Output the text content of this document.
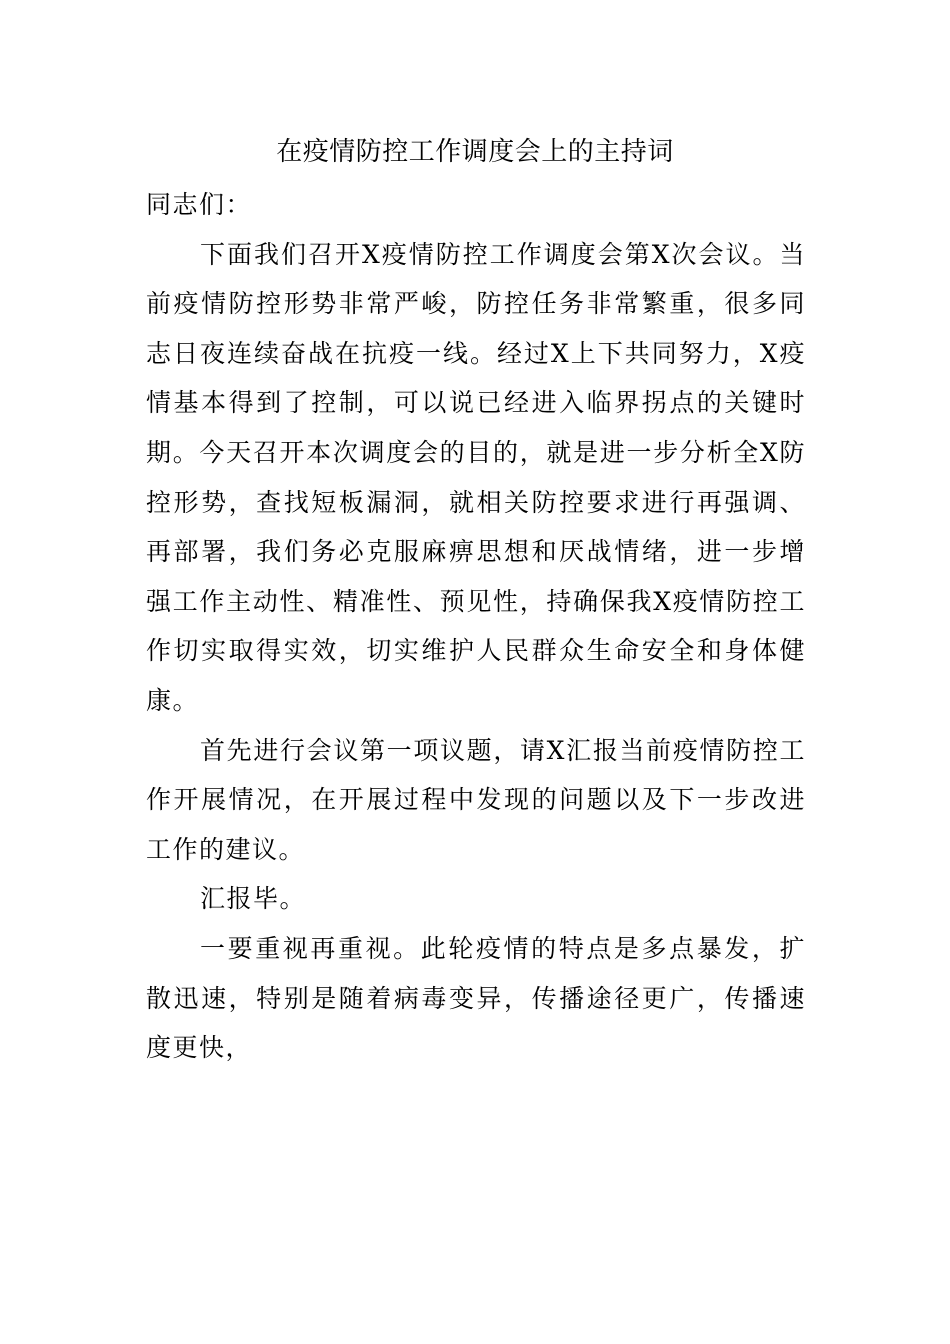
在疫情防控工作调度会上的主持词

同志们：

下面我们召开X疫情防控工作调度会第X次会议。当前疫情防控形势非常严峻，防控任务非常繁重，很多同志日夜连续奋战在抗疫一线。经过X上下共同努力，X疫情基本得到了控制，可以说已经进入临界拐点的关键时期。今天召开本次调度会的目的，就是进一步分析全X防控形势，查找短板漏洞，就相关防控要求进行再强调、再部署，我们务必克服麻痹思想和厌战情绪，进一步增强工作主动性、精准性、预见性，持确保我X疫情防控工作切实取得实效，切实维护人民群众生命安全和身体健康。

首先进行会议第一项议题，请X汇报当前疫情防控工作开展情况，在开展过程中发现的问题以及下一步改进工作的建议。

汇报毕。

一要重视再重视。此轮疫情的特点是多点暴发，扩散迅速，特别是随着病毒变异，传播途径更广，传播速度更快，
